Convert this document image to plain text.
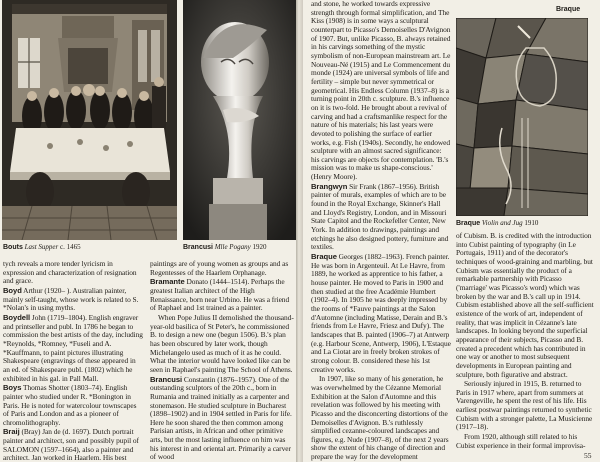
Bouts Last Supper c. 1465	Brancusi Mlle Pogany 1920

tych reveals a more tender lyricism in expression and characterization of resignation and grace.

Boyd Arthur (1920– ). Australian painter, mainly self-taught, whose work is related to S. *Nolan's in using myths.

Boydell John (1719–1804). English engraver and printseller and publ. In 1786 he began to commission the best artists of the day, including *Reynolds, *Romney, *Fuseli and A. *Kauffmann, to paint pictures illustrating Shakespeare (engravings of these appeared in an ed. of Shakespeare publ. (1802) which he exhibited in his gal. in Pall Mall.

Boys Thomas Shotter (1803–74). English painter who studied under R. *Bonington in Paris. He is noted for watercolour townscapes of Paris and London and as a pioneer of chromolithography.

Braij (Bray) Jan de (d. 1697). Dutch portrait painter and architect, son and possibly pupil of SALOMON (1597–1664), also a painter and architect. Jan worked in Haarlem. His best

paintings are of young women as groups and as Regentesses of the Haarlem Orphanage.

Bramante Donato (1444–1514). Perhaps the greatest Italian architect of the High Renaissance, born near Urbino. He was a friend of Raphael and 1st trained as a painter.

When Pope Julius II demolished the thousand-year-old basilica of St Peter's, he commissioned B. to design a new one (begun 1506). B.'s plan has been obscured by later work, though Michelangelo used as much of it as he could. What the interior would have looked like can be seen in Raphael's painting The School of Athens.

Brancusi Constantin (1876–1957). One of the outstanding sculptors of the 20th c., born in Rumania and trained initially as a carpenter and stonemason. He studied sculpture in Bucharest (1898–1902) and in 1904 settled in Paris for life. Here he soon shared the then common among Parisian artists, in African and other primitive arts, but the most lasting influence on him was his interest in and oriental art. Primarily a carver of wood

and stone, he worked towards expressive strength through formal simplification, and The Kiss (1908) is in some ways a sculptural counterpart to Picasso's Demoiselles D'Avignon of 1907. But, unlike Picasso, B. always retained in his carvings something of the mystic symbolism of non-European mainstream art. Le Nouveau-Né (1915) and Le Commencement du monde (1924) are universal symbols of life and fertility – simple but never symmetrical or geometrical. His Endless Column (1937–8) is a turning point in 20th c. sculpture. B.'s influence on it is two-fold. He brought about a revival of carving and had a craftsmanlike respect for the nature of his materials; his last years were devoted to polishing the surface of earlier works, e.g. Fish (1940s). Secondly, he endowed sculpture with an almost sacred significance: his carvings are objects for contemplation. 'B.'s mission was to make us shape-conscious.' (Henry Moore).

Brangwyn Sir Frank (1867–1956). British painter of murals, examples of which are to be found in the Royal Exchange, Skinner's Hall and Lloyd's Registry, London, and in Missouri State Capitol and the Rockefeller Center, New York. In addition to drawings, paintings and etchings he also designed pottery, furniture and textiles.

Braque Georges (1882–1963). French painter. He was born in Argenteuil. At Le Havre, from 1889, he worked as apprentice to his father, a house painter. He moved to Paris in 1900 and then studied at the free Académie Humbert (1902–4). In 1905 he was deeply impressed by the rooms of *Fauve paintings at the Salon d'Automne (including Matisse, Derain and B.'s friends from Le Havre, Friesz and Dufy). The landscapes that B. painted (1906–7) at Antwerp (e.g. Harbour Scene, Antwerp, 1906), L'Estaque and La Ciotat are in freely broken strokes of strong colour. B. considered these his 1st creative works.

In 1907, like so many of his generation, he was overwhelmed by the Cézanne Memorial Exhibition at the Salon d'Automne and this revelation was followed by his meeting with Picasso and the disconcerting distortions of the Demoiselles d'Avignon. B.'s ruthlessly simplified cezanne-coloured landscapes and figures, e.g. Nude (1907–8), of the next 2 years show the extent of his change of direction and prepare the way for the development

Braque
Braque Violin and Jug 1910

of Cubism. B. is credited with the introduction into Cubist painting of typography (in Le Portugais, 1911) and of the decorator's techniques of wood-graining and marbling, but Cubism was essentially the product of a remarkable partnership with Picasso ('marriage' was Picasso's word) which was broken by the war and B.'s call up in 1914. Cubism established above all the self-sufficient existence of the work of art, independent of reality, that was implicit in Cézanne's late landscapes. In looking beyond the superficial appearance of their subjects, Picasso and B. created a precedent which has contributed in one way or another to most subsequent developments in European painting and sculpture, both figurative and abstract.

Seriously injured in 1915, B. returned to Paris in 1917 where, apart from summers at Varengeville, he spent the rest of his life. His earliest postwar paintings returned to synthetic Cubism with a stronger palette, La Musicienne (1917–18).

From 1920, although still related to his Cubist experience in their formal improvisa-

55
